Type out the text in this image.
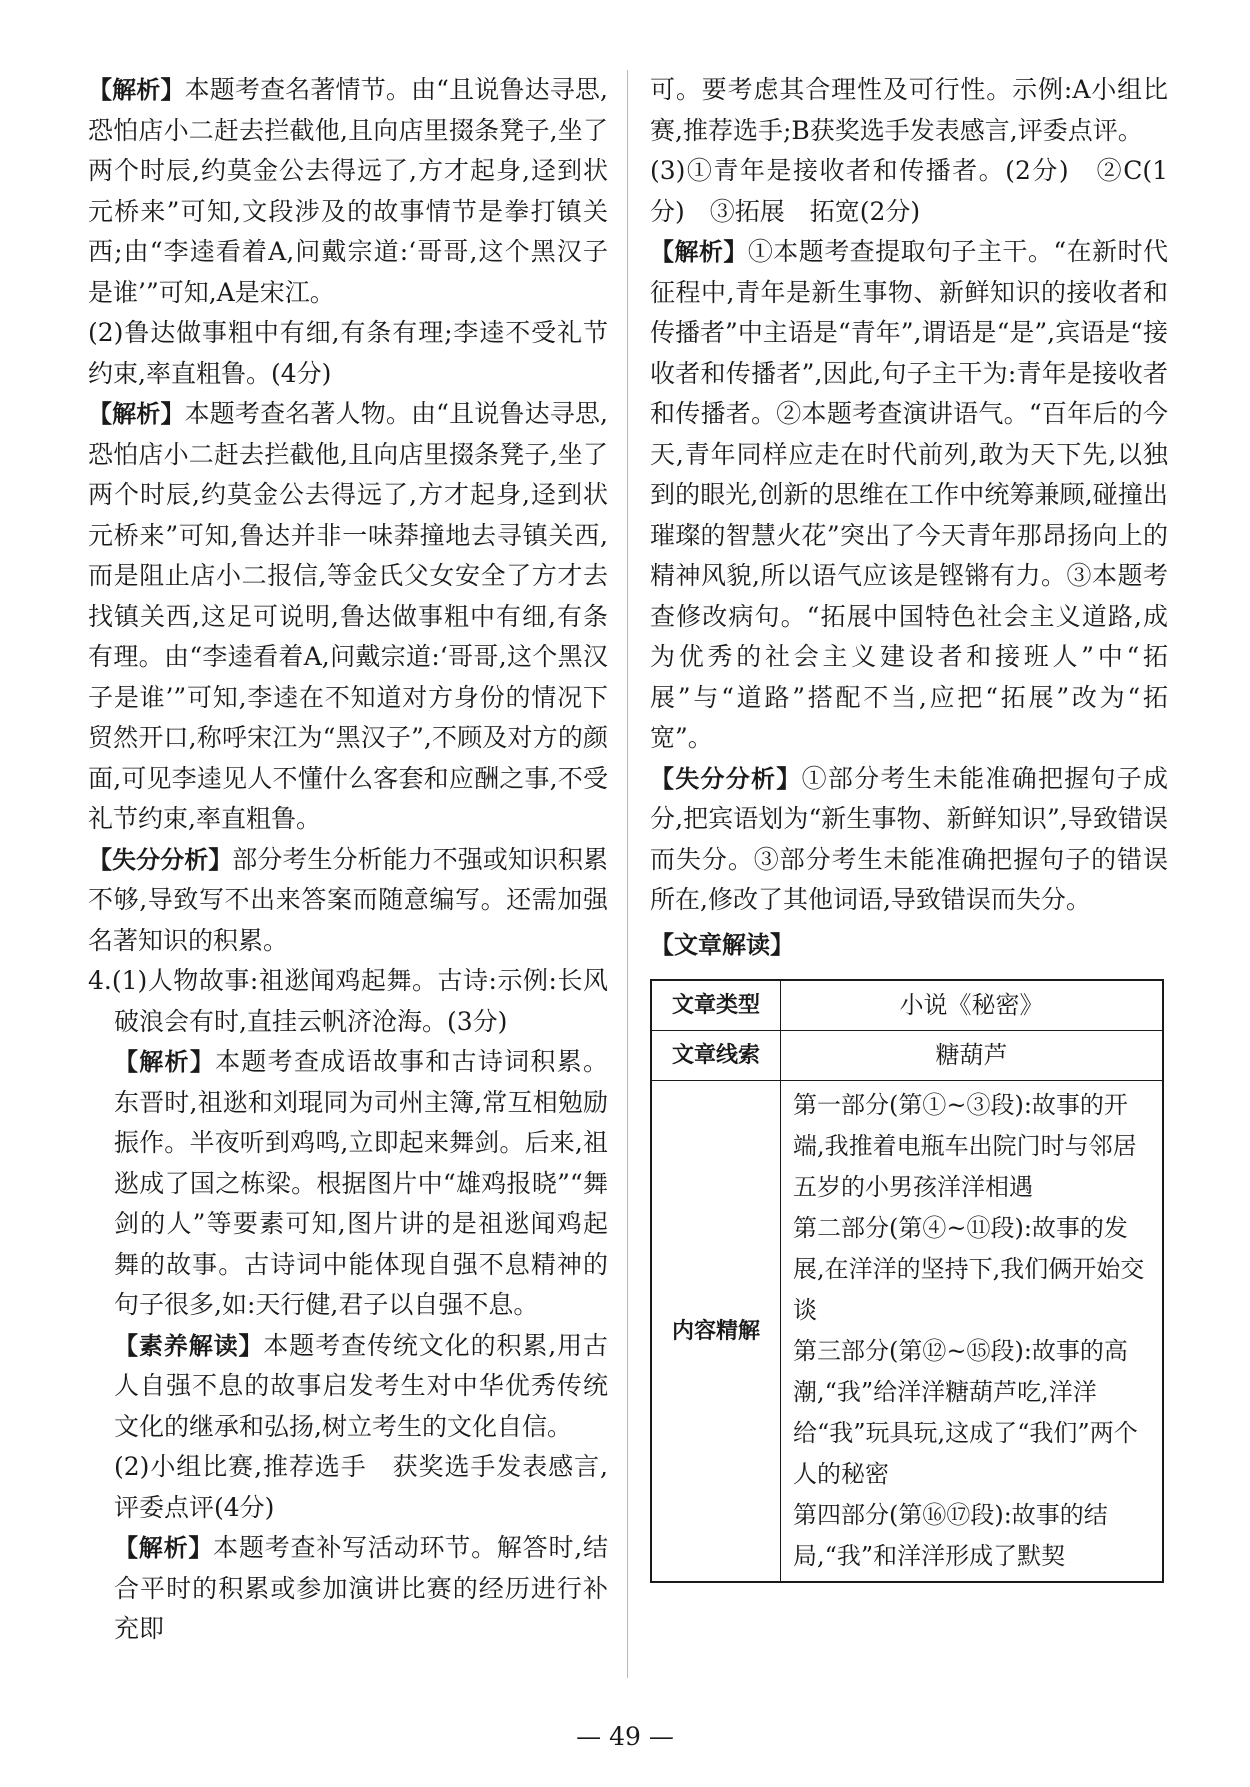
【解析】本题考查名著情节。由“且说鲁达寻思,恐怕店小二赶去拦截他,且向店里掇条凳子,坐了两个时辰,约莫金公去得远了,方才起身,迳到状元桥来”可知,文段涉及的故事情节是拳打镇关西;由“李逵看着A,问戴宗道:‘哥哥,这个黑汉子是谁’”可知,A是宋江。

(2)鲁达做事粗中有细,有条有理;李逵不受礼节约束,率直粗鲁。(4分)

【解析】本题考查名著人物。由“且说鲁达寻思,恐怕店小二赶去拦截他,且向店里掇条凳子,坐了两个时辰,约莫金公去得远了,方才起身,迳到状元桥来”可知,鲁达并非一味莽撞地去寻镇关西,而是阻止店小二报信,等金氏父女安全了方才去找镇关西,这足可说明,鲁达做事粗中有细,有条有理。由“李逵看着A,问戴宗道:‘哥哥,这个黑汉子是谁’”可知,李逵在不知道对方身份的情况下贸然开口,称呼宋江为“黑汉子”,不顾及对方的颜面,可见李逵见人不懂什么客套和应酬之事,不受礼节约束,率直粗鲁。

【失分分析】部分考生分析能力不强或知识积累不够,导致写不出来答案而随意编写。还需加强名著知识的积累。

4.(1)人物故事:祖逖闻鸡起舞。古诗:示例:长风破浪会有时,直挂云帆济沧海。(3分)

【解析】本题考查成语故事和古诗词积累。东晋时,祖逖和刘琨同为司州主簿,常互相勉励振作。半夜听到鸡鸣,立即起来舞剑。后来,祖逖成了国之栋梁。根据图片中“雄鸡报晓”“舞剑的人”等要素可知,图片讲的是祖逖闻鸡起舞的故事。古诗词中能体现自强不息精神的句子很多,如:天行健,君子以自强不息。

【素养解读】本题考查传统文化的积累,用古人自强不息的故事启发考生对中华优秀传统文化的继承和弘扬,树立考生的文化自信。

(2)小组比赛,推荐选手　获奖选手发表感言,评委点评(4分)

【解析】本题考查补写活动环节。解答时,结合平时的积累或参加演讲比赛的经历进行补充即

可。要考虑其合理性及可行性。示例:A小组比赛,推荐选手;B获奖选手发表感言,评委点评。

(3)①青年是接收者和传播者。(2分)　②C(1分)　③拓展　拓宽(2分)

【解析】①本题考查提取句子主干。“在新时代征程中,青年是新生事物、新鲜知识的接收者和传播者”中主语是“青年”,谓语是“是”,宾语是“接收者和传播者”,因此,句子主干为:青年是接收者和传播者。②本题考查演讲语气。“百年后的今天,青年同样应走在时代前列,敢为天下先,以独到的眼光,创新的思维在工作中统筹兼顾,碰撞出璀璨的智慧火花”突出了今天青年那昂扬向上的精神风貌,所以语气应该是铿锵有力。③本题考查修改病句。“拓展中国特色社会主义道路,成为优秀的社会主义建设者和接班人”中“拓展”与“道路”搭配不当,应把“拓展”改为“拓宽”。

【失分分析】①部分考生未能准确把握句子成分,把宾语划为“新生事物、新鲜知识”,导致错误而失分。③部分考生未能准确把握句子的错误所在,修改了其他词语,导致错误而失分。

【文章解读】

文章类型	小说《秘密》
文章线索	糖葫芦
内容精解	第一部分(第①~③段):故事的开端,我推着电瓶车出院门时与邻居五岁的小男孩洋洋相遇

第二部分(第④~⑪段):故事的发展,在洋洋的坚持下,我们俩开始交谈

第三部分(第⑫~⑮段):故事的高潮,“我”给洋洋糖葫芦吃,洋洋给“我”玩具玩,这成了“我们”两个人的秘密

第四部分(第⑯⑰段):故事的结局,“我”和洋洋形成了默契

— 49 —
